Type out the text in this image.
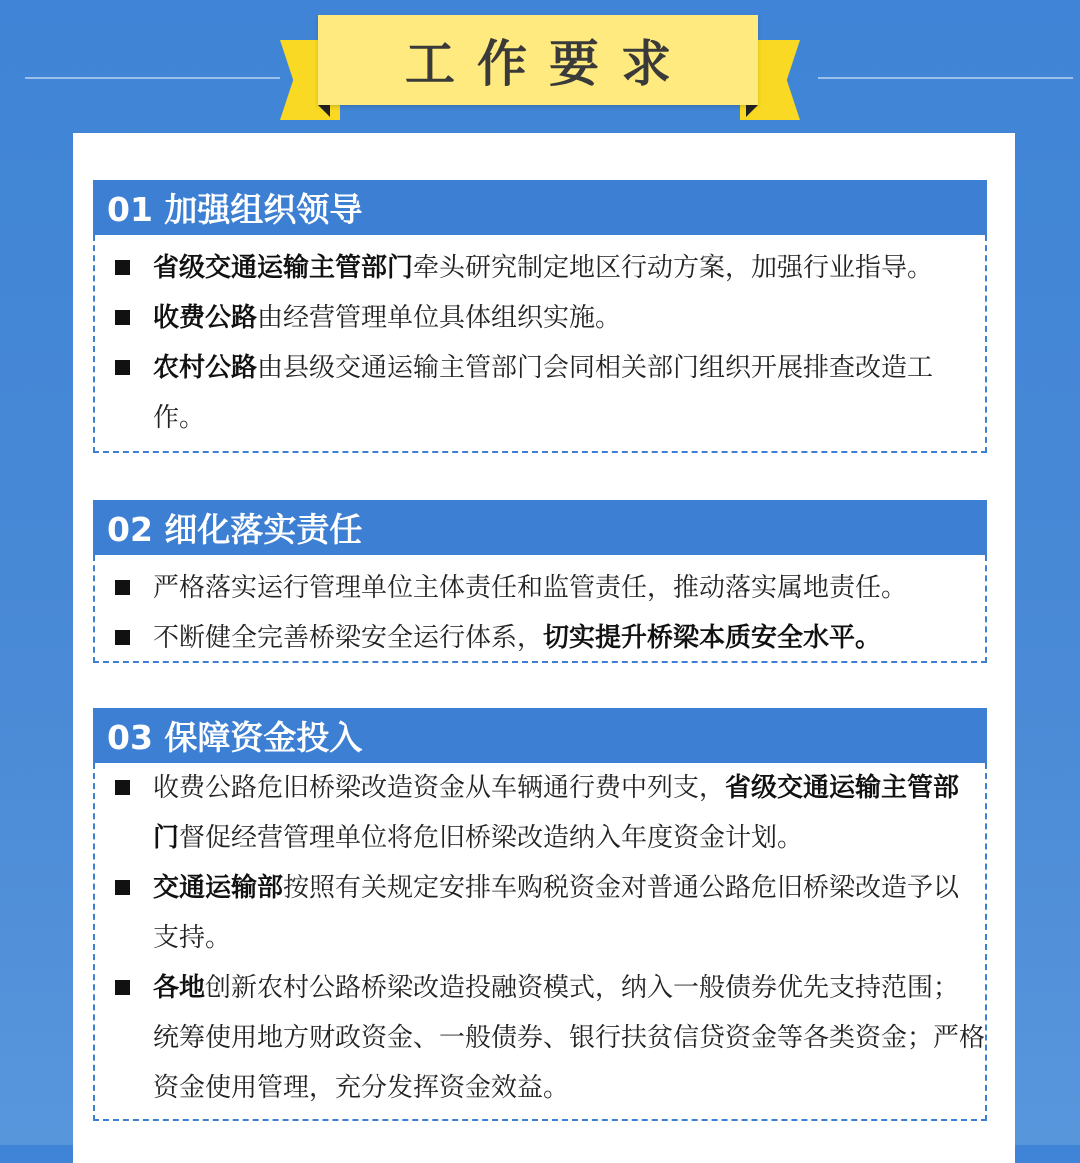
工作要求
01 加强组织领导
省级交通运输主管部门牵头研究制定地区行动方案，加强行业指导。
收费公路由经营管理单位具体组织实施。
农村公路由县级交通运输主管部门会同相关部门组织开展排查改造工作。
02 细化落实责任
严格落实运行管理单位主体责任和监管责任，推动落实属地责任。
不断健全完善桥梁安全运行体系，切实提升桥梁本质安全水平。
03 保障资金投入
收费公路危旧桥梁改造资金从车辆通行费中列支，省级交通运输主管部门督促经营管理单位将危旧桥梁改造纳入年度资金计划。
交通运输部按照有关规定安排车购税资金对普通公路危旧桥梁改造予以支持。
各地创新农村公路桥梁改造投融资模式，纳入一般债券优先支持范围；统筹使用地方财政资金、一般债券、银行扶贫信贷资金等各类资金；严格资金使用管理，充分发挥资金效益。
